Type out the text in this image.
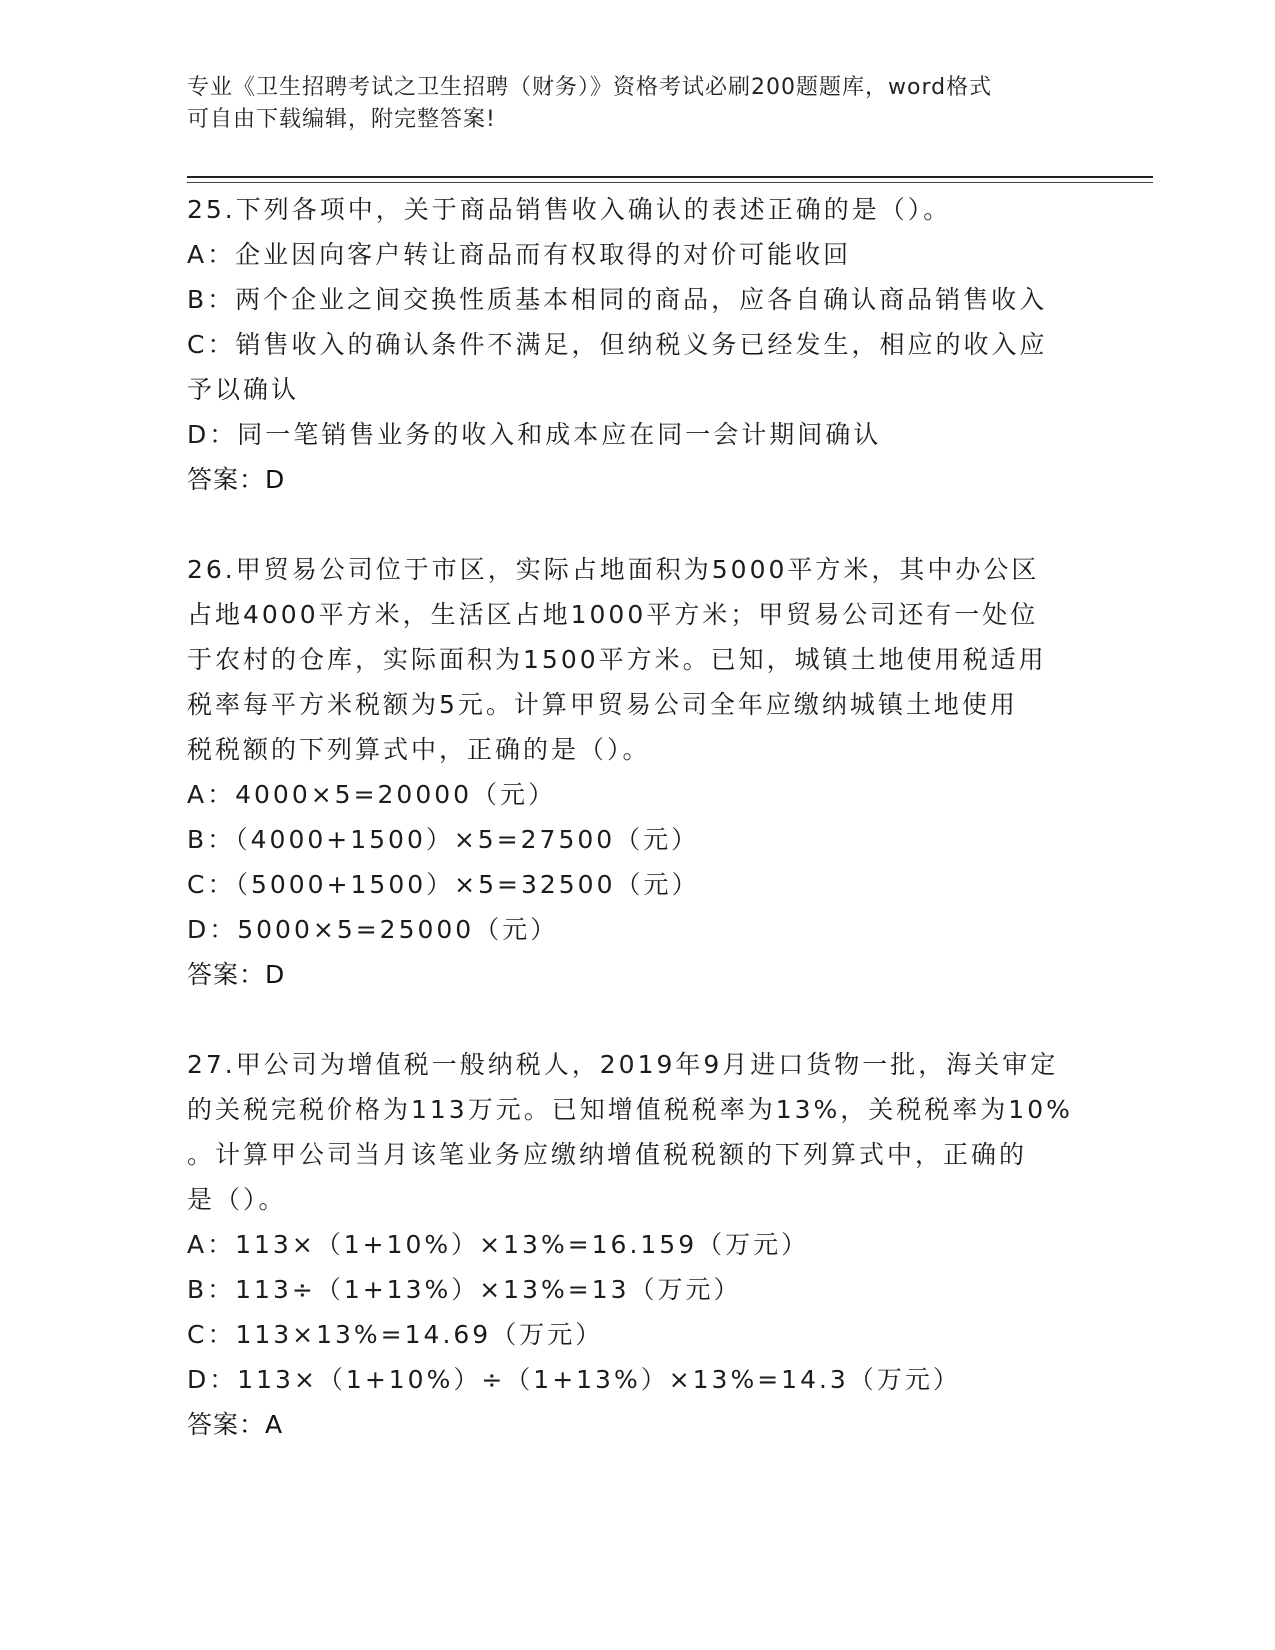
专业《卫生招聘考试之卫生招聘（财务）》资格考试必刷200题题库，word格式
可自由下载编辑，附完整答案!
25.下列各项中，关于商品销售收入确认的表述正确的是（）。
A：企业因向客户转让商品而有权取得的对价可能收回
B：两个企业之间交换性质基本相同的商品，应各自确认商品销售收入
C：销售收入的确认条件不满足，但纳税义务已经发生，相应的收入应
予以确认
D：同一笔销售业务的收入和成本应在同一会计期间确认
答案：D
26.甲贸易公司位于市区，实际占地面积为5000平方米，其中办公区
占地4000平方米，生活区占地1000平方米；甲贸易公司还有一处位
于农村的仓库，实际面积为1500平方米。已知，城镇土地使用税适用
税率每平方米税额为5元。计算甲贸易公司全年应缴纳城镇土地使用
税税额的下列算式中，正确的是（）。
A：4000×5=20000（元）
B：（4000+1500）×5=27500（元）
C：（5000+1500）×5=32500（元）
D：5000×5=25000（元）
答案：D
27.甲公司为增值税一般纳税人，2019年9月进口货物一批，海关审定
的关税完税价格为113万元。已知增值税税率为13%，关税税率为10%
。计算甲公司当月该笔业务应缴纳增值税税额的下列算式中，正确的
是（）。
A：113×（1+10%）×13%=16.159（万元）
B：113÷（1+13%）×13%=13（万元）
C：113×13%=14.69（万元）
D：113×（1+10%）÷（1+13%）×13%=14.3（万元）
答案：A
